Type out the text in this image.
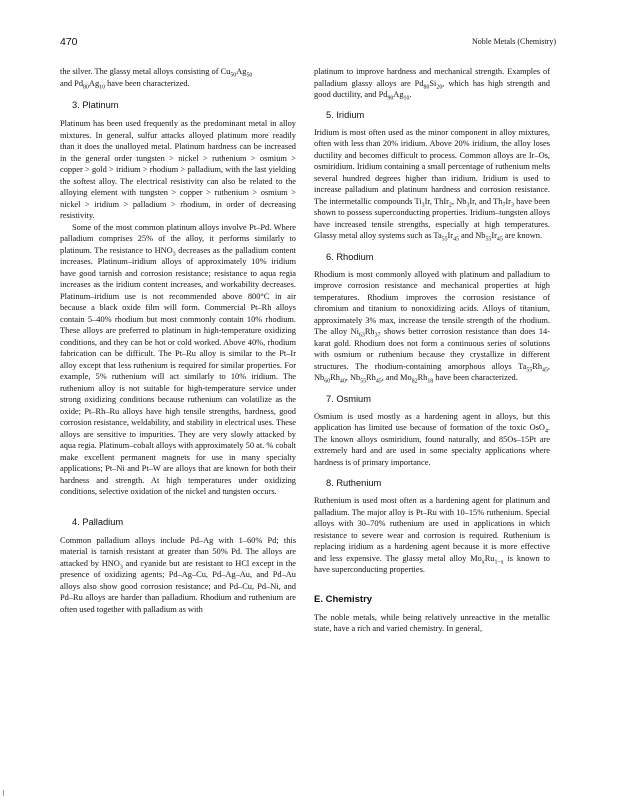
470	Noble Metals (Chemistry)

the silver. The glassy metal alloys consisting of $Cu_{50}Ag_{50}$
and $Pd_{80}Ag_{10}$ have been characterized.

3. Platinum

Platinum has been used frequently as the predominant metal in alloy mixtures. In general, sulfur attacks alloyed platinum more readily than it does the unalloyed metal. Platinum hardness can be increased in the general order tungsten > nickel > ruthenium > osmium > copper > gold > iridium > rhodium > palladium, with the last yielding the softest alloy. The electrical resistivity can also be related to the alloying element with tungsten > copper > ruthenium > osmium > nickel > iridium > palladium > rhodium, in order of decreasing resistivity.

Some of the most common platinum alloys involve Pt–Pd. Where palladium comprises 25% of the alloy, it performs similarly to platinum. The resistance to $HNO_3$ decreases as the palladium content increases. Platinum–iridium alloys of approximately 10% iridium have good tarnish and corrosion resistance; resistance to aqua regia increases as the iridium content increases, and workability decreases. Platinum–iridium use is not recommended above 800°C in air because a black oxide film will form. Commercial Pt–Rh alloys contain 5–40% rhodium but most commonly contain 10% rhodium. These alloys are preferred to platinum in high-temperature oxidizing conditions, and they can be hot or cold worked. Above 40%, rhodium fabrication can be difficult. The Pt–Ru alloy is similar to the Pt–Ir alloy except that less ruthenium is required for similar properties. For example, 5% ruthenium will act similarly to 10% iridium. The ruthenium alloy is not suitable for high-temperature service under strong oxidizing conditions because ruthenium can volatilize as the oxide; Pt–Rh–Ru alloys have high tensile strengths, hardness, good corrosion resistance, weldability, and stability in electrical uses. These alloys are sensitive to impurities. They are very slowly attacked by aqua regia. Platinum–cobalt alloys with approximately 50 at. % cobalt make excellent permanent magnets for use in many specialty applications; Pt–Ni and Pt–W are alloys that are known for both their hardness and strength. At high temperatures under oxidizing conditions, selective oxidation of the nickel and tungsten occurs.

4. Palladium

Common palladium alloys include Pd–Ag with 1–60% Pd; this material is tarnish resistant at greater than 50% Pd. The alloys are attacked by $HNO_3$ and cyanide but are resistant to HCl except in the presence of oxidizing agents; Pd–Ag–Cu, Pd–Ag–Au, and Pd–Au alloys also show good corrosion resistance; and Pd–Cu, Pd–Ni, and Pd–Ru alloys are harder than palladium. Rhodium and ruthenium are often used together with palladium as with

platinum to improve hardness and mechanical strength. Examples of palladium glassy alloys are $Pd_{80}Si_{20}$, which has high strength and good ductility, and $Pd_{90}Ag_{10}$.

5. Iridium

Iridium is most often used as the minor component in alloy mixtures, often with less than 20% iridium. Above 20% iridium, the alloy loses ductility and becomes difficult to process. Common alloys are Ir–Os, osmiridium. Iridium containing a small percentage of ruthenium melts several hundred degrees higher than iridium. Iridium is used to increase palladium and platinum hardness and corrosion resistance. The intermetallic compounds $Ti_3Ir$, ThIr$_2$, $Nb_3Ir$, and $Th_7Ir_3$ have been shown to possess superconducting properties. Iridium–tungsten alloys have increased tensile strengths, especially at high temperatures. Glassy metal alloy systems such as $Ta_{55}Ir_{45}$ and $Nb_{55}Ir_{45}$ are known.

6. Rhodium

Rhodium is most commonly alloyed with platinum and palladium to improve corrosion resistance and mechanical properties at high temperatures. Rhodium improves the corrosion resistance of chromium and titanium to nonoxidizing acids. Alloys of titanium, approximately 3% max, increase the tensile strength of the rhodium. The alloy $Ni_{63}Rh_{37}$ shows better corrosion resistance than does 14-karat gold. Rhodium does not form a continuous series of solutions with osmium or ruthenium because they crystallize in different structures. The rhodium-containing amorphous alloys $Ta_{55}Rh_{45}$, $Nb_{60}Rh_{40}$, $Nb_{55}Rh_{45}$, and $Mo_{82}Rh_{18}$ have been characterized.

7. Osmium

Osmium is used mostly as a hardening agent in alloys, but this application has limited use because of formation of the toxic OsO$_4$. The known alloys osmiridium, found naturally, and 85Os–15Pt are extremely hard and are used in some specialty applications where hardness is of primary importance.

8. Ruthenium

Ruthenium is used most often as a hardening agent for platinum and palladium. The major alloy is Pt–Ru with 10–15% ruthenium. Special alloys with 30–70% ruthenium are used in applications in which resistance to severe wear and corrosion is required. Ruthenium is replacing iridium as a hardening agent because it is more effective and less expensive. The glassy metal alloy $Mo_xRu_{1-x}$ is known to have superconducting properties.

E. Chemistry

The noble metals, while being relatively unreactive in the metallic state, have a rich and varied chemistry. In general,
